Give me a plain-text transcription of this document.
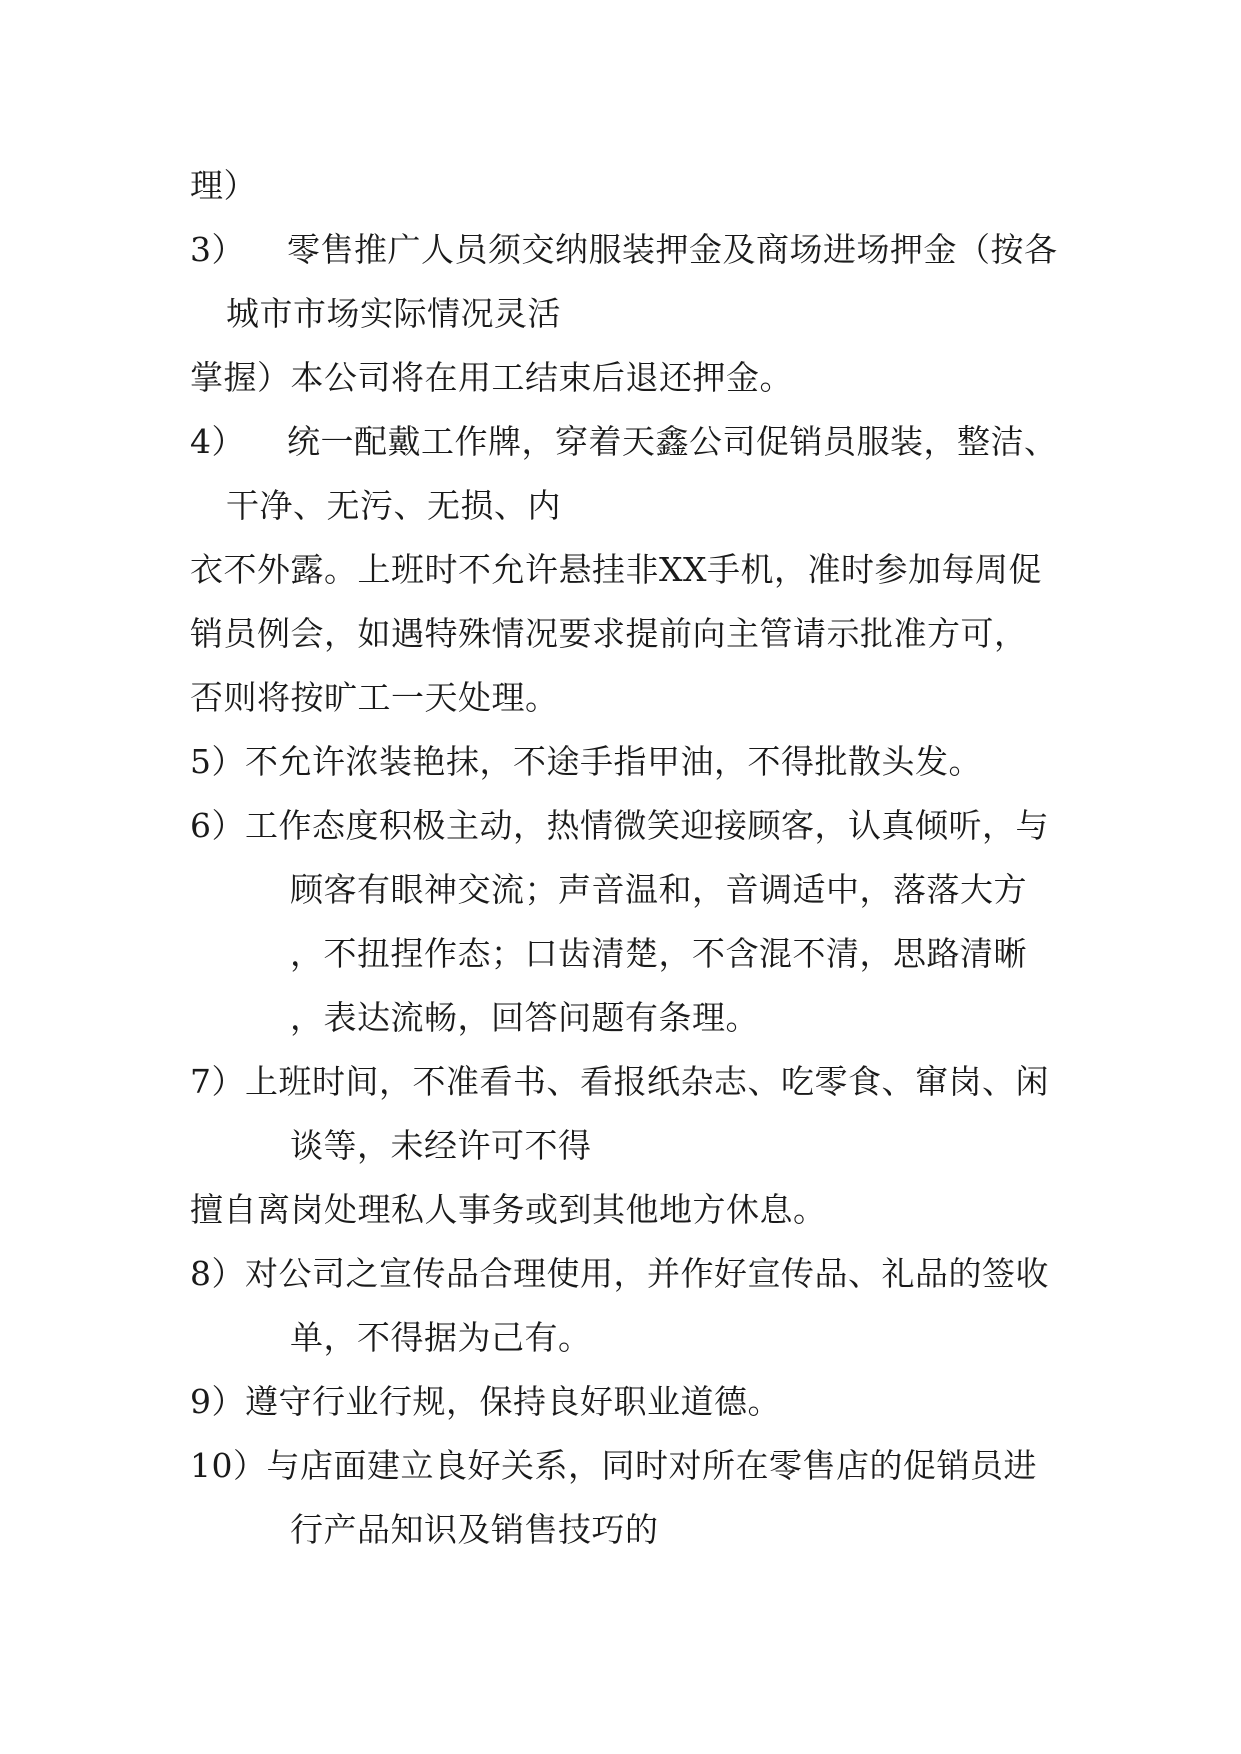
理）
3） 零售推广人员须交纳服装押金及商场进场押金（按各
城市市场实际情况灵活
掌握）本公司将在用工结束后退还押金。
4） 统一配戴工作牌，穿着天鑫公司促销员服装，整洁、
干净、无污、无损、内
衣不外露。上班时不允许悬挂非XX手机，准时参加每周促
销员例会，如遇特殊情况要求提前向主管请示批准方可，
否则将按旷工一天处理。
5）不允许浓装艳抹，不途手指甲油，不得批散头发。
6）工作态度积极主动，热情微笑迎接顾客，认真倾听，与
顾客有眼神交流；声音温和，音调适中，落落大方
，不扭捏作态；口齿清楚，不含混不清，思路清晰
，表达流畅，回答问题有条理。
7）上班时间，不准看书、看报纸杂志、吃零食、窜岗、闲
谈等，未经许可不得
擅自离岗处理私人事务或到其他地方休息。
8）对公司之宣传品合理使用，并作好宣传品、礼品的签收
单，不得据为己有。
9）遵守行业行规，保持良好职业道德。
10）与店面建立良好关系，同时对所在零售店的促销员进
行产品知识及销售技巧的
